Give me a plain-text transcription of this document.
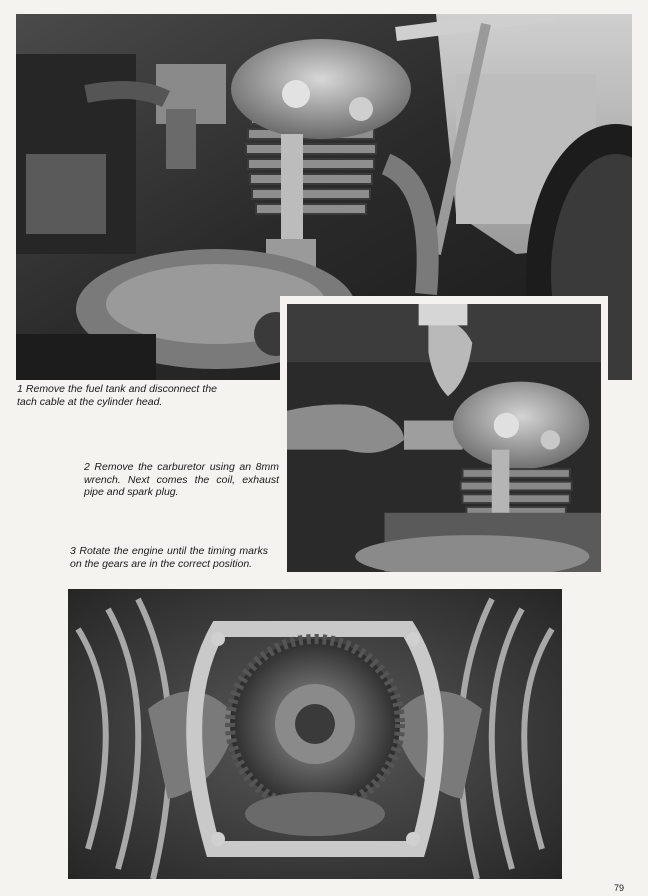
1 Remove the fuel tank and disconnect the tach cable at the cylinder head.

2 Remove the carburetor using an 8mm wrench. Next comes the coil, exhaust pipe and spark plug.

3 Rotate the engine until the timing marks on the gears are in the correct position.

79
